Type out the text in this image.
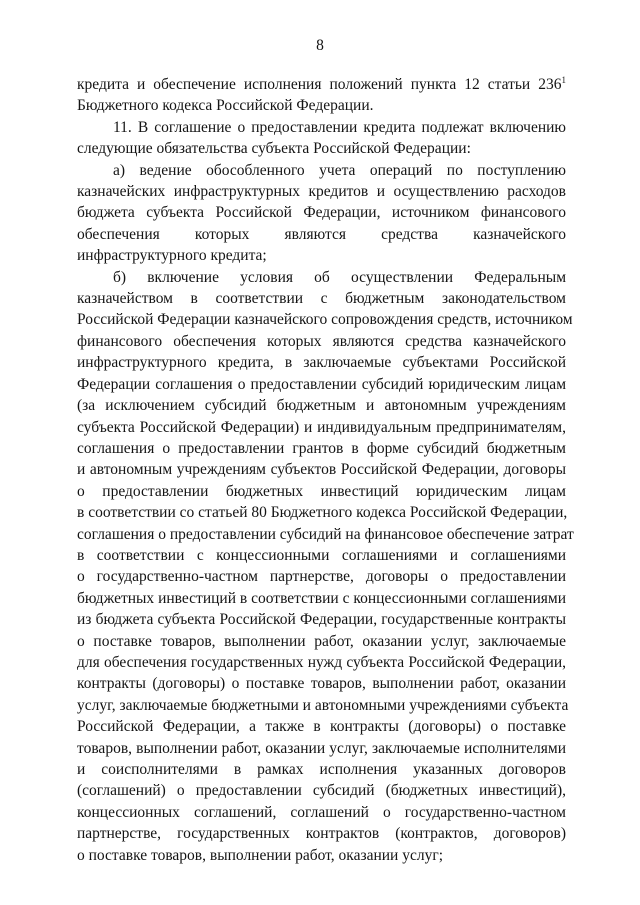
8

кредита и обеспечение исполнения положений пункта 12 статьи $236^1$
Бюджетного кодекса Российской Федерации.

11. В соглашение о предоставлении кредита подлежат включению
следующие обязательства субъекта Российской Федерации:

а) ведение обособленного учета операций по поступлению
казначейских инфраструктурных кредитов и осуществлению расходов
бюджета субъекта Российской Федерации, источником финансового
обеспечения которых являются средства казначейского
инфраструктурного кредита;

б) включение условия об осуществлении Федеральным
казначейством в соответствии с бюджетным законодательством
Российской Федерации казначейского сопровождения средств, источником
финансового обеспечения которых являются средства казначейского
инфраструктурного кредита, в заключаемые субъектами Российской
Федерации соглашения о предоставлении субсидий юридическим лицам
(за исключением субсидий бюджетным и автономным учреждениям
субъекта Российской Федерации) и индивидуальным предпринимателям,
соглашения о предоставлении грантов в форме субсидий бюджетным
и автономным учреждениям субъектов Российской Федерации, договоры
о предоставлении бюджетных инвестиций юридическим лицам
в соответствии со статьей 80 Бюджетного кодекса Российской Федерации,
соглашения о предоставлении субсидий на финансовое обеспечение затрат
в соответствии с концессионными соглашениями и соглашениями
о государственно-частном партнерстве, договоры о предоставлении
бюджетных инвестиций в соответствии с концессионными соглашениями
из бюджета субъекта Российской Федерации, государственные контракты
о поставке товаров, выполнении работ, оказании услуг, заключаемые
для обеспечения государственных нужд субъекта Российской Федерации,
контракты (договоры) о поставке товаров, выполнении работ, оказании
услуг, заключаемые бюджетными и автономными учреждениями субъекта
Российской Федерации, а также в контракты (договоры) о поставке
товаров, выполнении работ, оказании услуг, заключаемые исполнителями
и соисполнителями в рамках исполнения указанных договоров
(соглашений) о предоставлении субсидий (бюджетных инвестиций),
концессионных соглашений, соглашений о государственно-частном
партнерстве, государственных контрактов (контрактов, договоров)
о поставке товаров, выполнении работ, оказании услуг;
